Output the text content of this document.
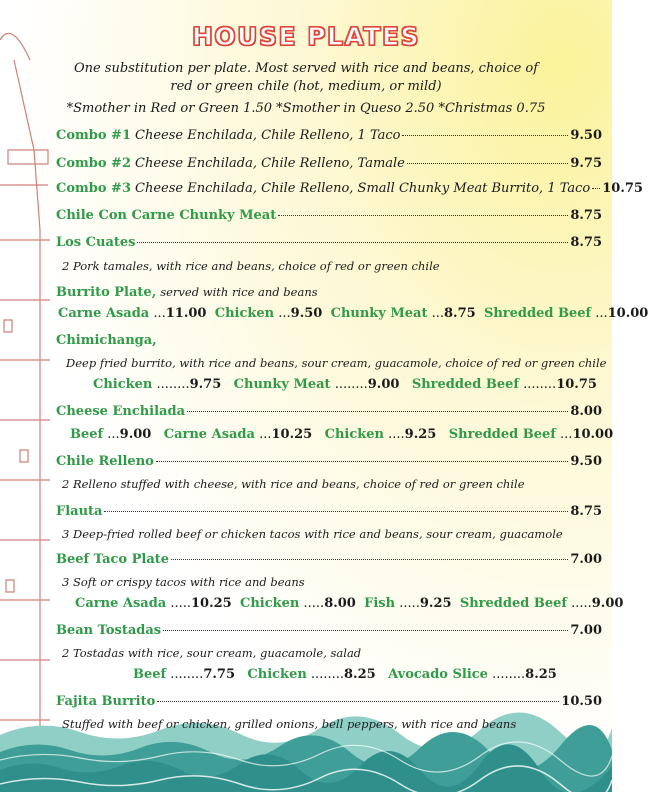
HOUSE PLATES
One substitution per plate. Most served with rice and beans, choice of
red or green chile (hot, medium, or mild)
*Smother in Red or Green 1.50 *Smother in Queso 2.50 *Christmas 0.75
Combo #1 Cheese Enchilada, Chile Relleno, 1 Taco	9.50
Combo #2 Cheese Enchilada, Chile Relleno, Tamale	9.75
Combo #3 Cheese Enchilada, Chile Relleno, Small Chunky Meat Burrito, 1 Taco 10.75
Chile Con Carne Chunky Meat	8.75
Los Cuates	8.75
2 Pork tamales, with rice and beans, choice of red or green chile
Burrito Plate, served with rice and beans
Carne Asada ...11.00 Chicken ...9.50 Chunky Meat ...8.75 Shredded Beef ...10.00
Chimichanga,
Deep fried burrito, with rice and beans, sour cream, guacamole, choice of red or green chile
Chicken ........9.75 Chunky Meat ........9.00 Shredded Beef ........10.75
Cheese Enchilada	8.00
Beef ...9.00 Carne Asada ...10.25 Chicken ....9.25 Shredded Beef ...10.00
Chile Relleno	9.50
2 Relleno stuffed with cheese, with rice and beans, choice of red or green chile
Flauta	8.75
3 Deep-fried rolled beef or chicken tacos with rice and beans, sour cream, guacamole
Beef Taco Plate	7.00
3 Soft or crispy tacos with rice and beans
Carne Asada .....10.25 Chicken .....8.00 Fish .....9.25 Shredded Beef .....9.00
Bean Tostadas	7.00
2 Tostadas with rice, sour cream, guacamole, salad
Beef ........7.75 Chicken ........8.25 Avocado Slice ........8.25
Fajita Burrito	10.50
Stuffed with beef or chicken, grilled onions, bell peppers, with rice and beans
